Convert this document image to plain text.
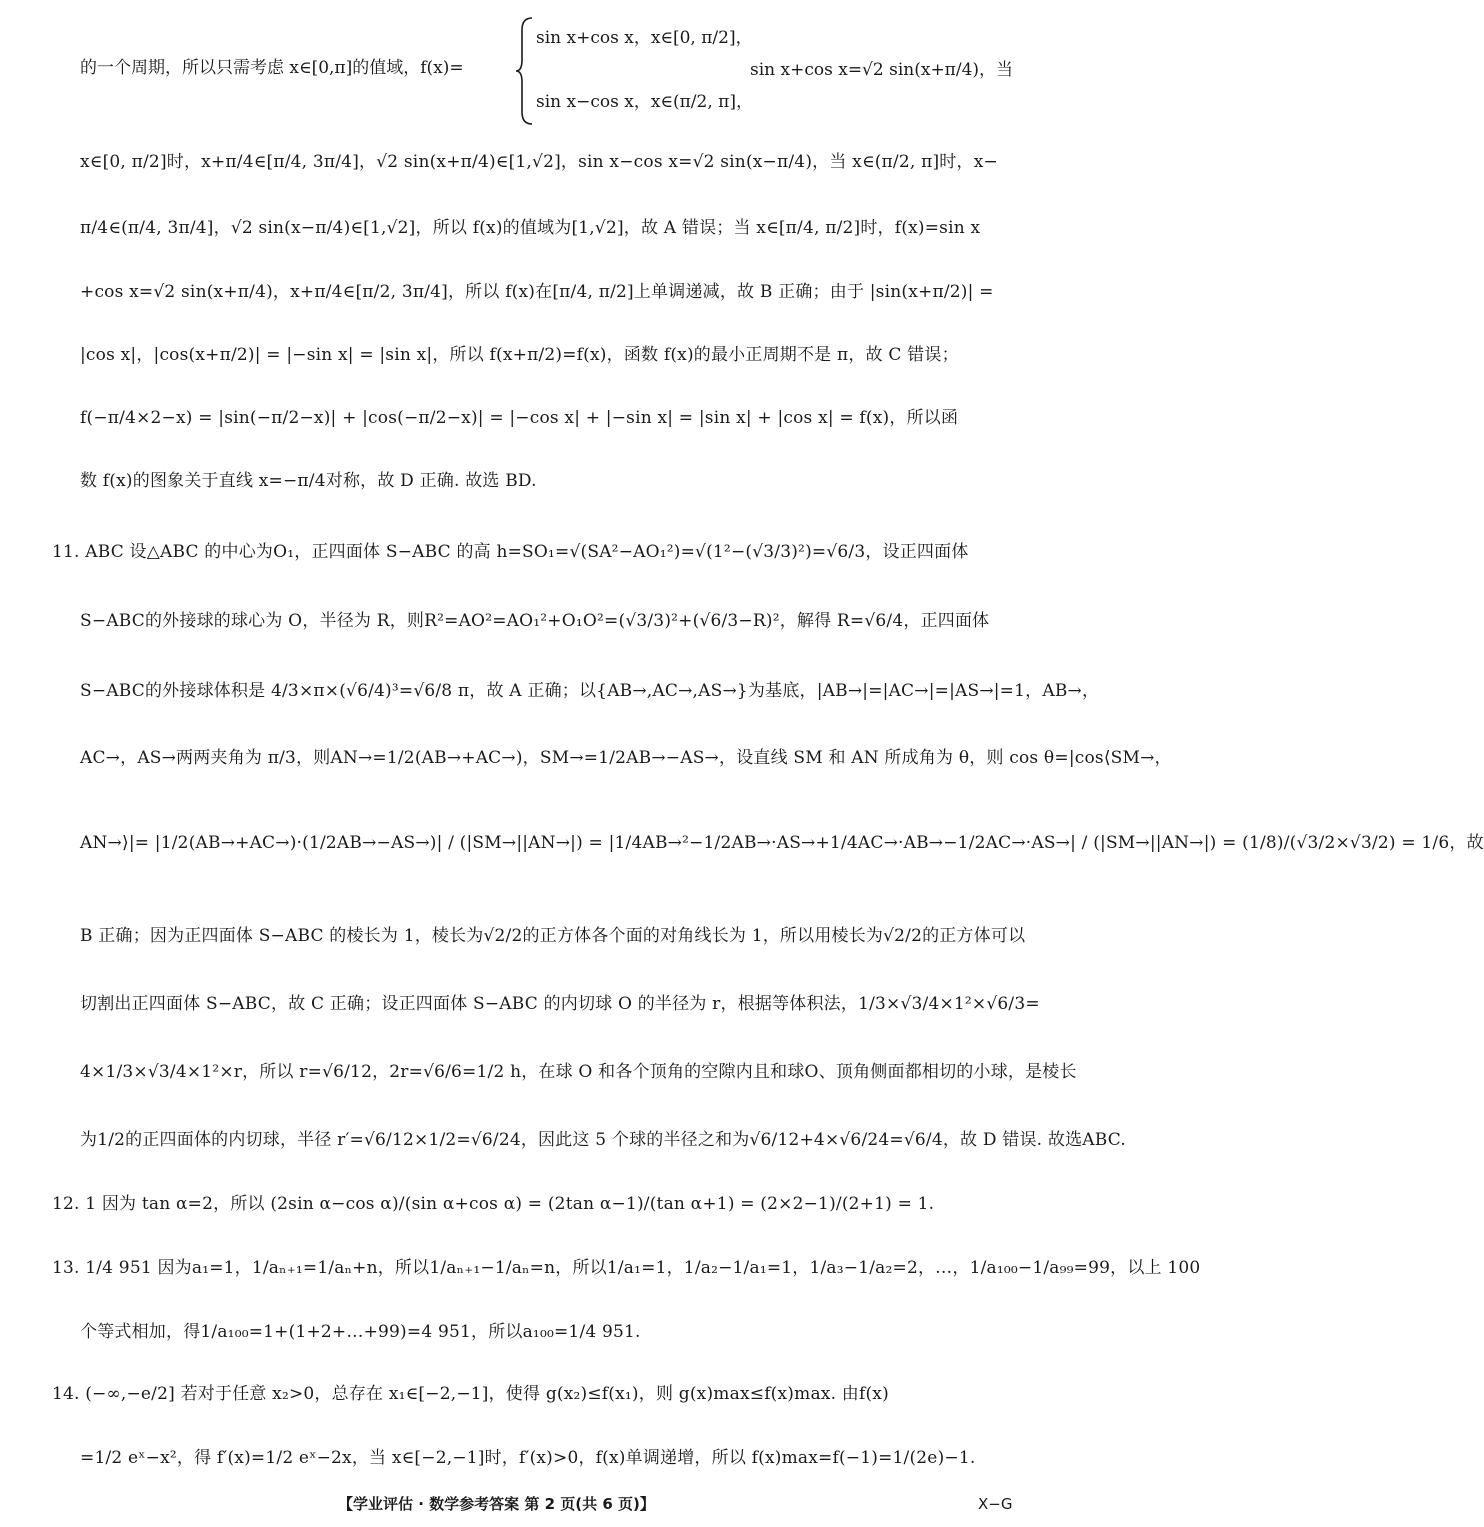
的一个周期，所以只需考虑 x∈[0,π]的值域，f(x)=
sin x+cos x，x∈[0, π/2]，
sin x−cos x，x∈(π/2, π]，
sin x+cos x=√2 sin(x+π/4)，当
x∈[0, π/2]时，x+π/4∈[π/4, 3π/4]，√2 sin(x+π/4)∈[1,√2]，sin x−cos x=√2 sin(x−π/4)，当 x∈(π/2, π]时，x−
π/4∈(π/4, 3π/4]，√2 sin(x−π/4)∈[1,√2]，所以 f(x)的值域为[1,√2]，故 A 错误；当 x∈[π/4, π/2]时，f(x)=sin x
+cos x=√2 sin(x+π/4)，x+π/4∈[π/2, 3π/4]，所以 f(x)在[π/4, π/2]上单调递减，故 B 正确；由于 |sin(x+π/2)| =
|cos x|，|cos(x+π/2)| = |−sin x| = |sin x|，所以 f(x+π/2)=f(x)，函数 f(x)的最小正周期不是 π，故 C 错误；
f(−π/4×2−x) = |sin(−π/2−x)| + |cos(−π/2−x)| = |−cos x| + |−sin x| = |sin x| + |cos x| = f(x)，所以函
数 f(x)的图象关于直线 x=−π/4对称，故 D 正确. 故选 BD.
11. ABC 设△ABC 的中心为O₁，正四面体 S−ABC 的高 h=SO₁=√(SA²−AO₁²)=√(1²−(√3/3)²)=√6/3，设正四面体
S−ABC的外接球的球心为 O，半径为 R，则R²=AO²=AO₁²+O₁O²=(√3/3)²+(√6/3−R)²，解得 R=√6/4，正四面体
S−ABC的外接球体积是 4/3×π×(√6/4)³=√6/8 π，故 A 正确；以{AB→,AC→,AS→}为基底，|AB→|=|AC→|=|AS→|=1，AB→，
AC→，AS→两两夹角为 π/3，则AN→=1/2(AB→+AC→)，SM→=1/2AB→−AS→，设直线 SM 和 AN 所成角为 θ，则 cos θ=|cos⟨SM→，
AN→⟩|= |1/2(AB→+AC→)·(1/2AB→−AS→)| / (|SM→||AN→|) = |1/4AB→²−1/2AB→·AS→+1/4AC→·AB→−1/2AC→·AS→| / (|SM→||AN→|) = (1/8)/(√3/2×√3/2) = 1/6，故
B 正确；因为正四面体 S−ABC 的棱长为 1，棱长为√2/2的正方体各个面的对角线长为 1，所以用棱长为√2/2的正方体可以
切割出正四面体 S−ABC，故 C 正确；设正四面体 S−ABC 的内切球 O 的半径为 r，根据等体积法，1/3×√3/4×1²×√6/3=
4×1/3×√3/4×1²×r，所以 r=√6/12，2r=√6/6=1/2 h，在球 O 和各个顶角的空隙内且和球O、顶角侧面都相切的小球，是棱长
为1/2的正四面体的内切球，半径 r′=√6/12×1/2=√6/24，因此这 5 个球的半径之和为√6/12+4×√6/24=√6/4，故 D 错误. 故选ABC.
12. 1 因为 tan α=2，所以 (2sin α−cos α)/(sin α+cos α) = (2tan α−1)/(tan α+1) = (2×2−1)/(2+1) = 1.
13. 1/4 951 因为a₁=1，1/aₙ₊₁=1/aₙ+n，所以1/aₙ₊₁−1/aₙ=n，所以1/a₁=1，1/a₂−1/a₁=1，1/a₃−1/a₂=2，…，1/a₁₀₀−1/a₉₉=99，以上 100
个等式相加，得1/a₁₀₀=1+(1+2+…+99)=4 951，所以a₁₀₀=1/4 951.
14. (−∞,−e/2] 若对于任意 x₂>0，总存在 x₁∈[−2,−1]，使得 g(x₂)≤f(x₁)，则 g(x)max≤f(x)max. 由f(x)
=1/2 eˣ−x²，得 f′(x)=1/2 eˣ−2x，当 x∈[−2,−1]时，f′(x)>0，f(x)单调递增，所以 f(x)max=f(−1)=1/(2e)−1.
【学业评估 · 数学参考答案 第 2 页(共 6 页)】	X−G
